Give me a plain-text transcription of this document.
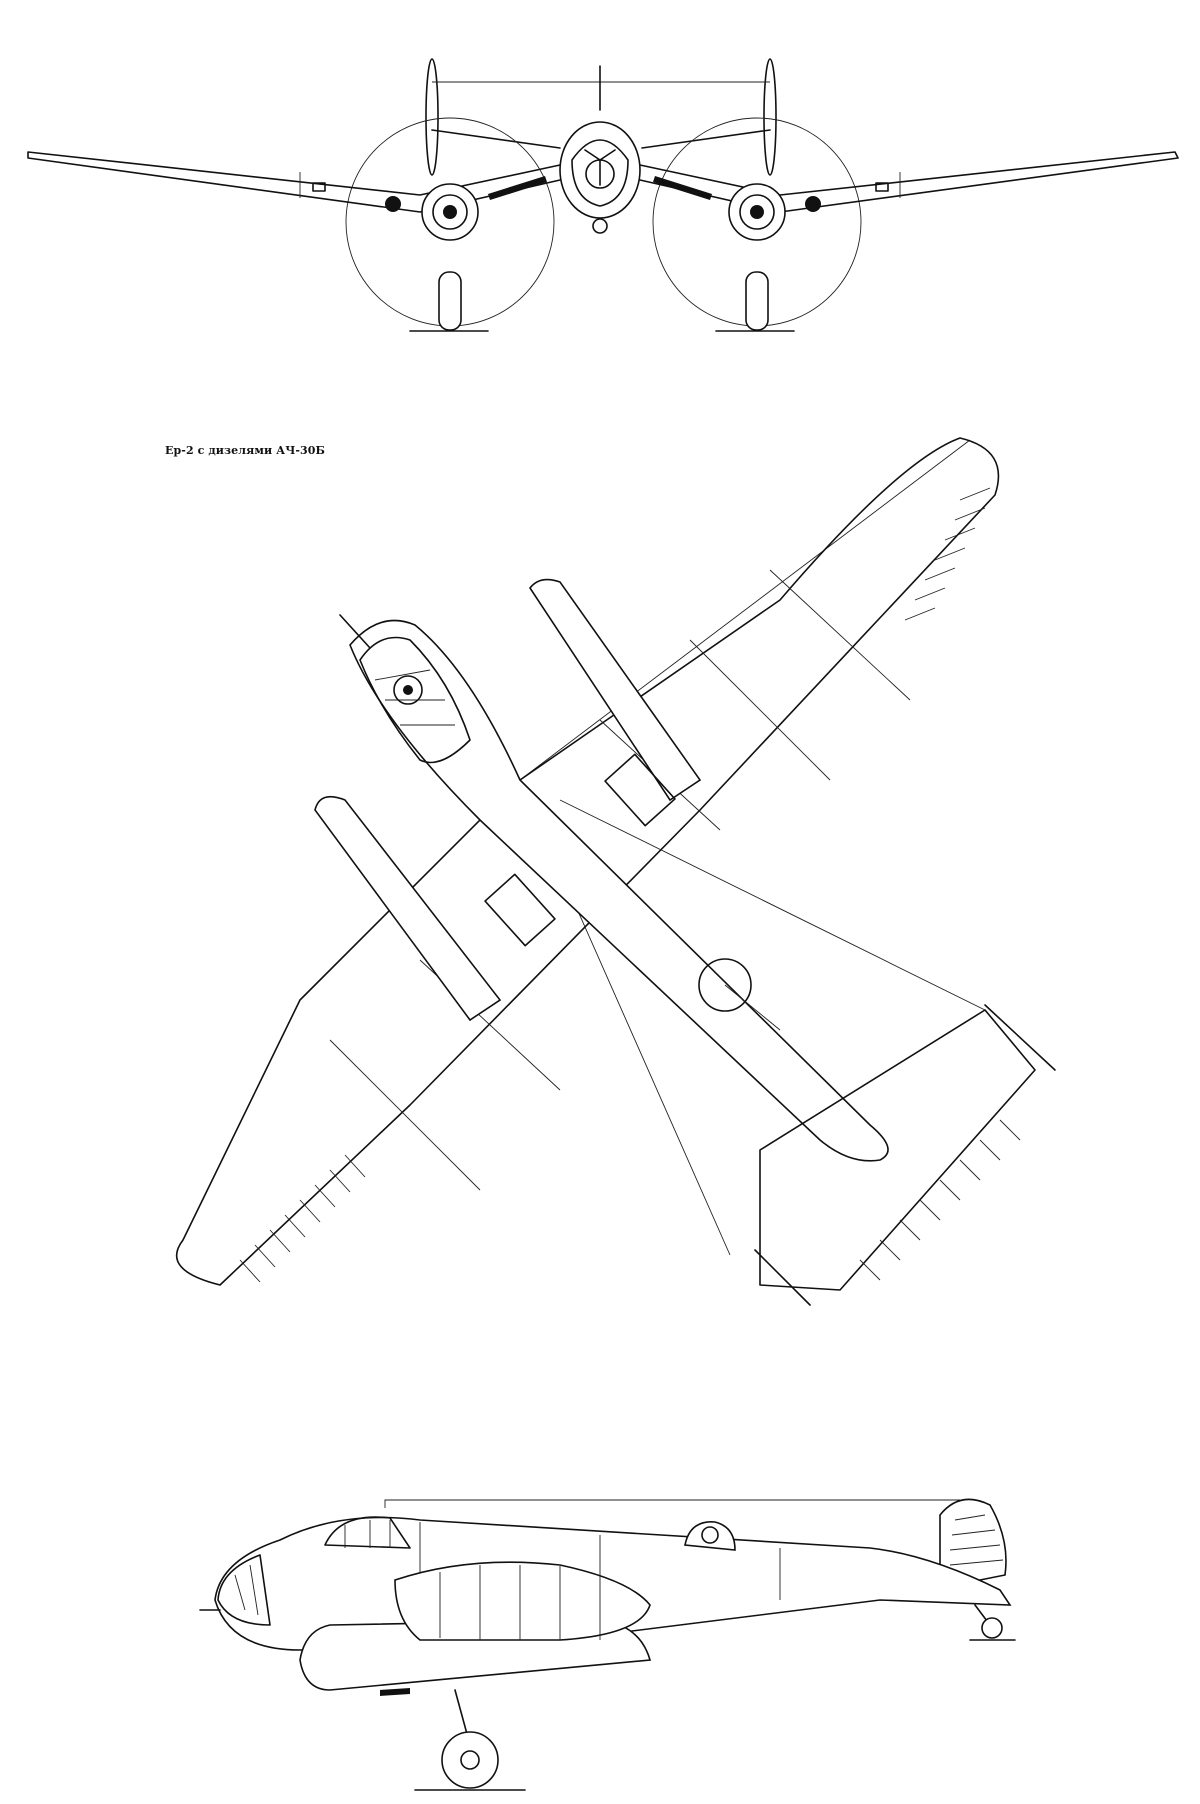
Ер-2 с дизелями АЧ-30Б
